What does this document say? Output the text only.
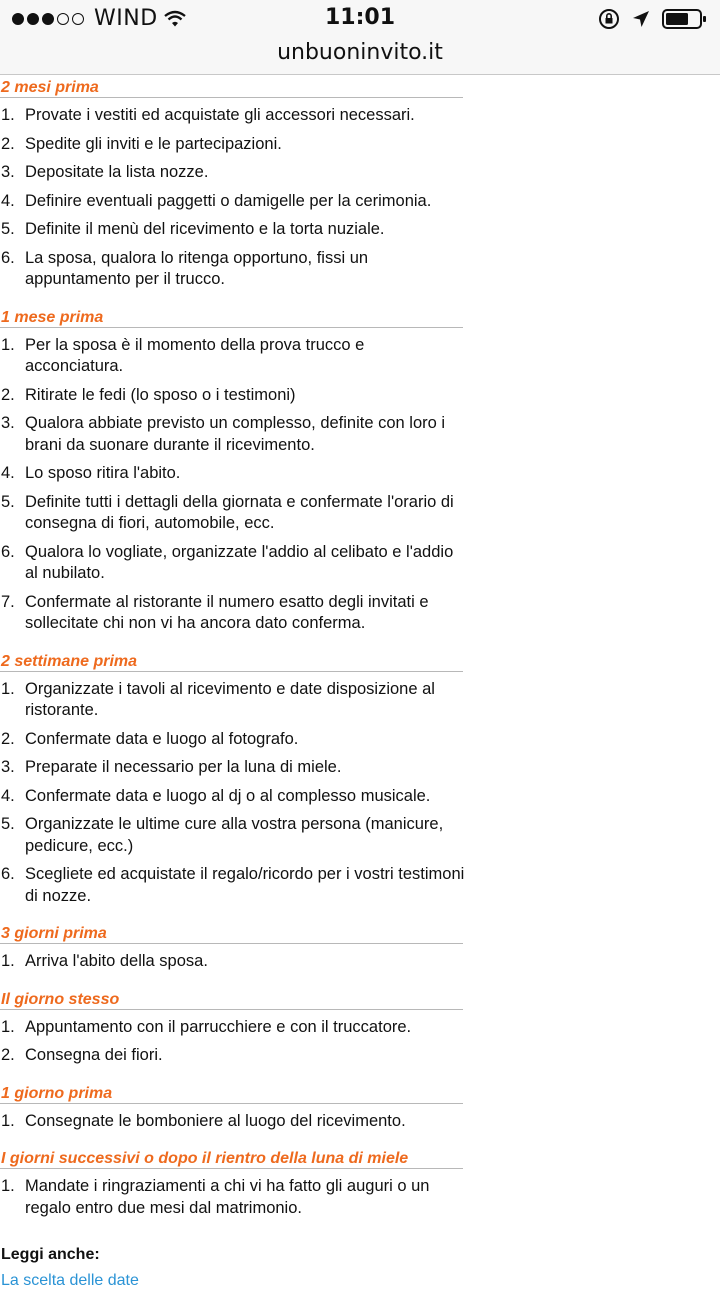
WIND	11:01
unbuoninvito.it
2 mesi prima
1. Provate i vestiti ed acquistate gli accessori necessari.
2. Spedite gli inviti e le partecipazioni.
3. Depositate la lista nozze.
4. Definire eventuali paggetti o damigelle per la cerimonia.
5. Definite il menù del ricevimento e la torta nuziale.
6. La sposa, qualora lo ritenga opportuno, fissi un appuntamento per il trucco.
1 mese prima
1. Per la sposa è il momento della prova trucco e acconciatura.
2. Ritirate le fedi (lo sposo o i testimoni)
3. Qualora abbiate previsto un complesso, definite con loro i brani da suonare durante il ricevimento.
4. Lo sposo ritira l'abito.
5. Definite tutti i dettagli della giornata e confermate l'orario di consegna di fiori, automobile, ecc.
6. Qualora lo vogliate, organizzate l'addio al celibato e l'addio al nubilato.
7. Confermate al ristorante il numero esatto degli invitati e sollecitate chi non vi ha ancora dato conferma.
2 settimane prima
1. Organizzate i tavoli al ricevimento e date disposizione al ristorante.
2. Confermate data e luogo al fotografo.
3. Preparate il necessario per la luna di miele.
4. Confermate data e luogo al dj o al complesso musicale.
5. Organizzate le ultime cure alla vostra persona (manicure, pedicure, ecc.)
6. Scegliete ed acquistate il regalo/ricordo per i vostri testimoni di nozze.
3 giorni prima
1. Arriva l'abito della sposa.
Il giorno stesso
1. Appuntamento con il parrucchiere e con il truccatore.
2. Consegna dei fiori.
1 giorno prima
1. Consegnate le bomboniere al luogo del ricevimento.
I giorni successivi o dopo il rientro della luna di miele
1. Mandate i ringraziamenti a chi vi ha fatto gli auguri o un regalo entro due mesi dal matrimonio.
Leggi anche:
La scelta delle date
